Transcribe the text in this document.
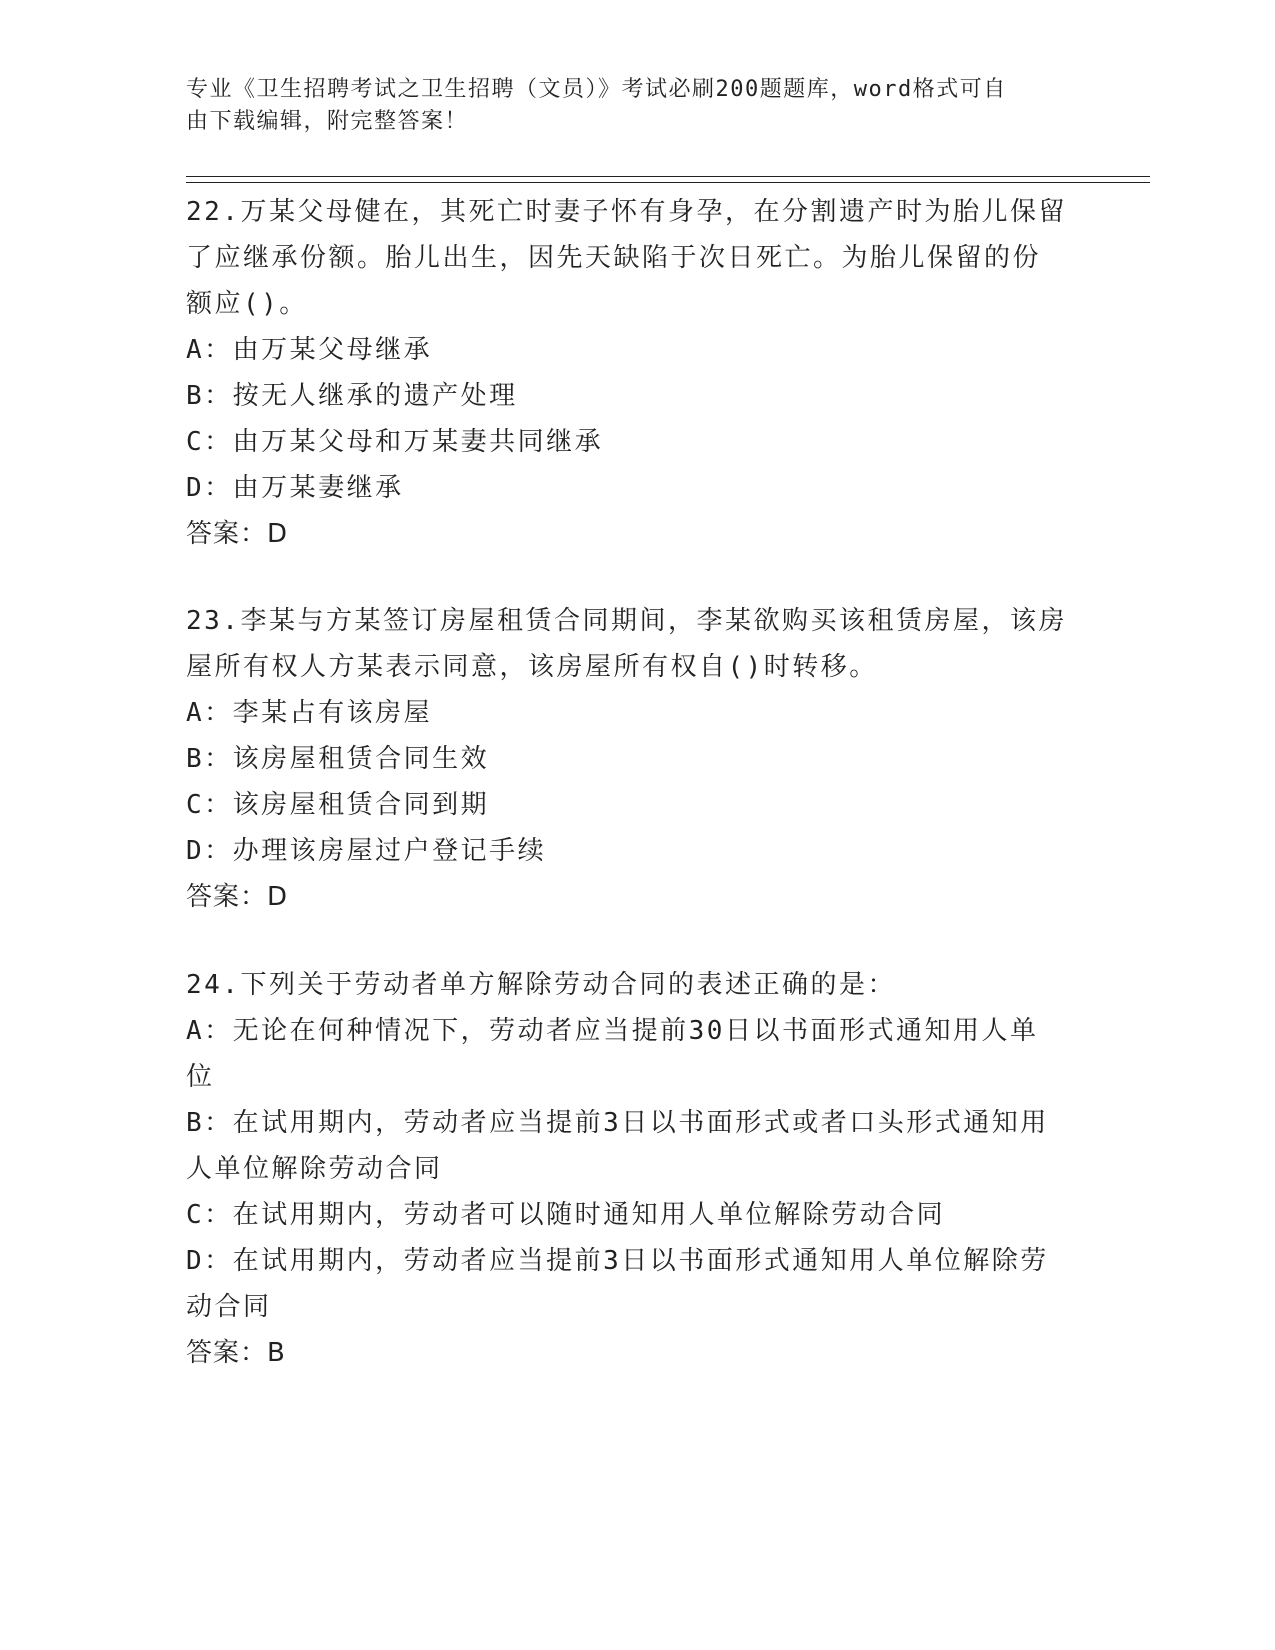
专业《卫生招聘考试之卫生招聘（文员）》考试必刷200题题库，word格式可自
由下载编辑，附完整答案！
22.万某父母健在，其死亡时妻子怀有身孕，在分割遗产时为胎儿保留
了应继承份额。胎儿出生，因先天缺陷于次日死亡。为胎儿保留的份
额应()。
A：由万某父母继承
B：按无人继承的遗产处理
C：由万某父母和万某妻共同继承
D：由万某妻继承
答案：D
23.李某与方某签订房屋租赁合同期间，李某欲购买该租赁房屋，该房
屋所有权人方某表示同意，该房屋所有权自()时转移。
A：李某占有该房屋
B：该房屋租赁合同生效
C：该房屋租赁合同到期
D：办理该房屋过户登记手续
答案：D
24.下列关于劳动者单方解除劳动合同的表述正确的是：
A：无论在何种情况下，劳动者应当提前30日以书面形式通知用人单
位
B：在试用期内，劳动者应当提前3日以书面形式或者口头形式通知用
人单位解除劳动合同
C：在试用期内，劳动者可以随时通知用人单位解除劳动合同
D：在试用期内，劳动者应当提前3日以书面形式通知用人单位解除劳
动合同
答案：B
